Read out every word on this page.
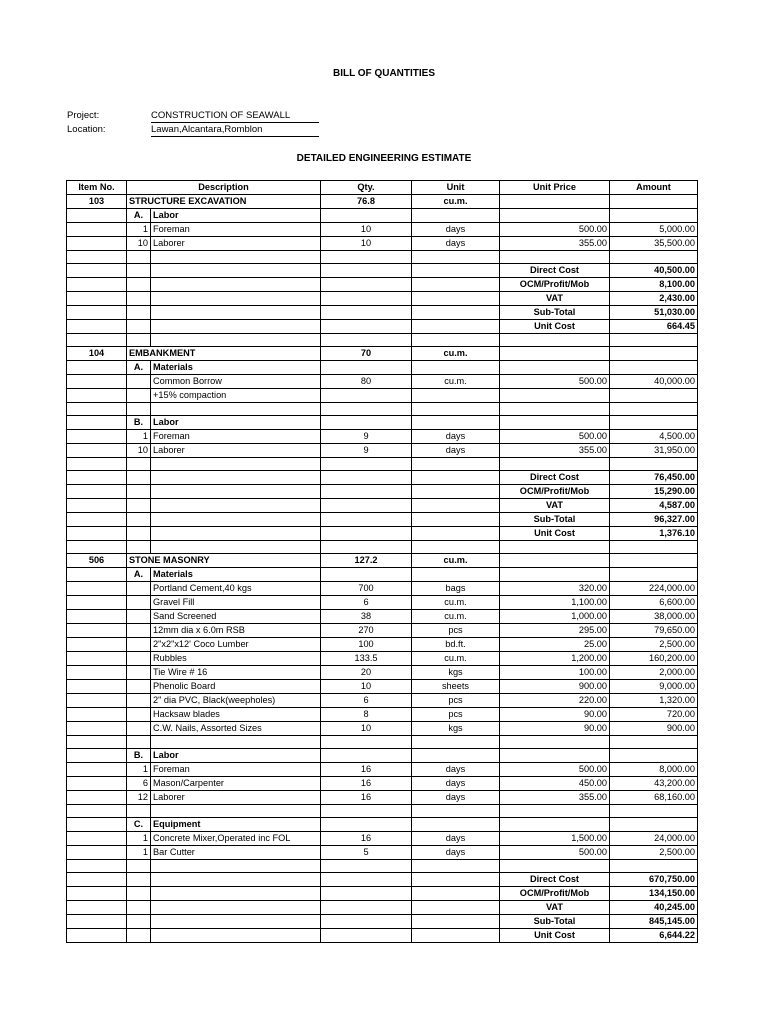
BILL OF QUANTITIES
Project:	CONSTRUCTION OF SEAWALL
Location:	Lawan,Alcantara,Romblon
DETAILED ENGINEERING ESTIMATE
Item No.	Description		Qty.	Unit	Unit Price	Amount
103	STRUCTURE EXCAVATION		76.8	cu.m.		
	A.	Labor				
	1	Foreman	10	days	500.00	5,000.00
	10	Laborer	10	days	355.00	35,500.00

					Direct Cost	40,500.00
					OCM/Profit/Mob	8,100.00
					VAT	2,430.00
					Sub-Total	51,030.00
					Unit Cost	664.45

104	EMBANKMENT		70	cu.m.		
	A.	Materials				
		Common Borrow	80	cu.m.	500.00	40,000.00
		+15% compaction				

	B.	Labor				
	1	Foreman	9	days	500.00	4,500.00
	10	Laborer	9	days	355.00	31,950.00

					Direct Cost	76,450.00
					OCM/Profit/Mob	15,290.00
					VAT	4,587.00
					Sub-Total	96,327.00
					Unit Cost	1,376.10

506	STONE MASONRY		127.2	cu.m.		
	A.	Materials				
		Portland Cement,40 kgs	700	bags	320.00	224,000.00
		Gravel Fill	6	cu.m.	1,100.00	6,600.00
		Sand Screened	38	cu.m.	1,000.00	38,000.00
		12mm dia x 6.0m RSB	270	pcs	295.00	79,650.00
		2"x2"x12' Coco Lumber	100	bd.ft.	25.00	2,500.00
		Rubbles	133.5	cu.m.	1,200.00	160,200.00
		Tie Wire # 16	20	kgs	100.00	2,000.00
		Phenolic Board	10	sheets	900.00	9,000.00
		2" dia PVC, Black(weepholes)	6	pcs	220.00	1,320.00
		Hacksaw blades	8	pcs	90.00	720.00
		C.W. Nails, Assorted Sizes	10	kgs	90.00	900.00

	B.	Labor				
	1	Foreman	16	days	500.00	8,000.00
	6	Mason/Carpenter	16	days	450.00	43,200.00
	12	Laborer	16	days	355.00	68,160.00

	C.	Equipment				
	1	Concrete Mixer,Operated inc FOL	16	days	1,500.00	24,000.00
	1	Bar Cutter	5	days	500.00	2,500.00

					Direct Cost	670,750.00
					OCM/Profit/Mob	134,150.00
					VAT	40,245.00
					Sub-Total	845,145.00
					Unit Cost	6,644.22
